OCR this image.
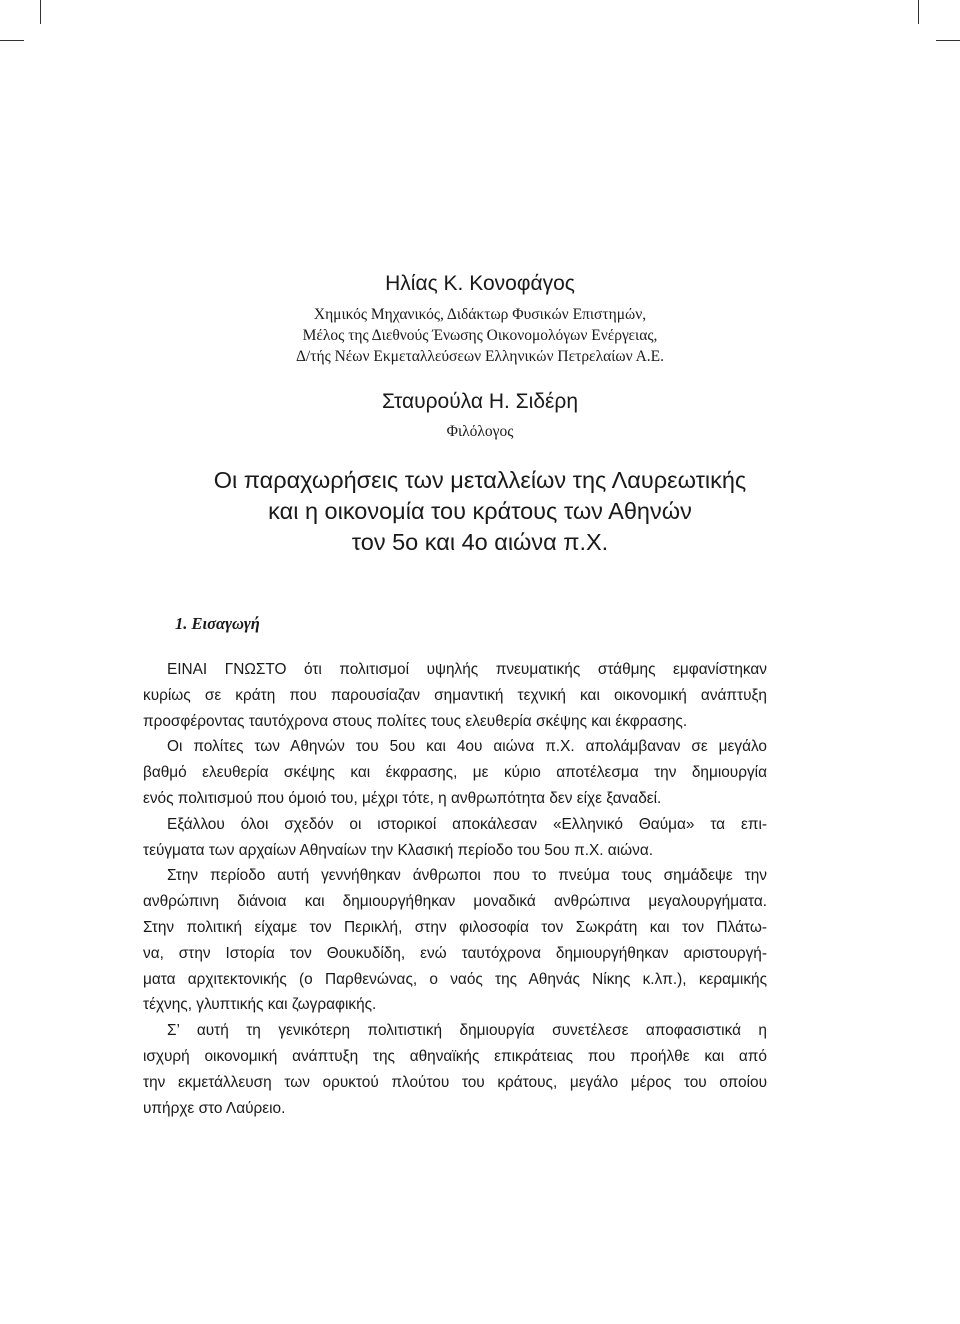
Ηλίας Κ. Κονοφάγος
Χημικός Μηχανικός, Διδάκτωρ Φυσικών Επιστημών,
Μέλος της Διεθνούς Ένωσης Οικονομολόγων Ενέργειας,
Δ/τής Νέων Εκμεταλλεύσεων Ελληνικών Πετρελαίων Α.Ε.
Σταυρούλα Η. Σιδέρη
Φιλόλογος
Οι παραχωρήσεις των μεταλλείων της Λαυρεωτικής
και η οικονομία του κράτους των Αθηνών
τον 5ο και 4ο αιώνα π.Χ.
1. Εισαγωγή
ΕΙΝΑΙ ΓΝΩΣΤΟ ότι πολιτισμοί υψηλής πνευματικής στάθμης εμφανίστηκαν
κυρίως σε κράτη που παρουσίαζαν σημαντική τεχνική και οικονομική ανάπτυξη
προσφέροντας ταυτόχρονα στους πολίτες τους ελευθερία σκέψης και έκφρασης.
Οι πολίτες των Αθηνών του 5ου και 4ου αιώνα π.Χ. απολάμβαναν σε μεγάλο
βαθμό ελευθερία σκέψης και έκφρασης, με κύριο αποτέλεσμα την δημιουργία
ενός πολιτισμού που όμοιό του, μέχρι τότε, η ανθρωπότητα δεν είχε ξαναδεί.
Εξάλλου όλοι σχεδόν οι ιστορικοί αποκάλεσαν «Ελληνικό Θαύμα» τα επι-
τεύγματα των αρχαίων Αθηναίων την Κλασική περίοδο του 5ου π.Χ. αιώνα.
Στην περίοδο αυτή γεννήθηκαν άνθρωποι που το πνεύμα τους σημάδεψε την
ανθρώπινη διάνοια και δημιουργήθηκαν μοναδικά ανθρώπινα μεγαλουργήματα.
Στην πολιτική είχαμε τον Περικλή, στην φιλοσοφία τον Σωκράτη και τον Πλάτω-
να, στην Ιστορία τον Θουκυδίδη, ενώ ταυτόχρονα δημιουργήθηκαν αριστουργή-
ματα αρχιτεκτονικής (ο Παρθενώνας, ο ναός της Αθηνάς Νίκης κ.λπ.), κεραμικής
τέχνης, γλυπτικής και ζωγραφικής.
Σ’ αυτή τη γενικότερη πολιτιστική δημιουργία συνετέλεσε αποφασιστικά η
ισχυρή οικονομική ανάπτυξη της αθηναϊκής επικράτειας που προήλθε και από
την εκμετάλλευση των ορυκτού πλούτου του κράτους, μεγάλο μέρος του οποίου
υπήρχε στο Λαύρειο.
